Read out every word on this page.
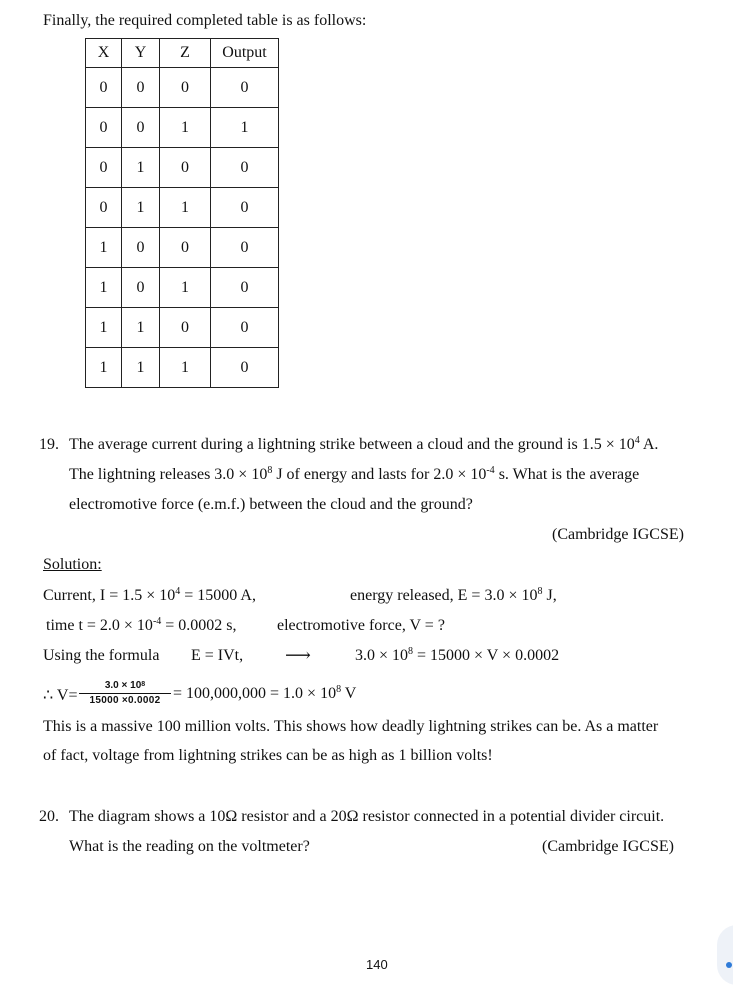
Finally, the required completed table is as follows:
X	Y	Z	Output
0	0	0	0
0	0	1	1
0	1	0	0
0	1	1	0
1	0	0	0
1	0	1	0
1	1	0	0
1	1	1	0
19. The average current during a lightning strike between a cloud and the ground is $1.5 \times 10^4$ A.
The lightning releases $3.0 \times 10^8$ J of energy and lasts for $2.0 \times 10^{-4}$ s. What is the average
electromotive force (e.m.f.) between the cloud and the ground?
(Cambridge IGCSE)
Solution:
Current, $I = 1.5 \times 10^4 = 15000$ A,	energy released, $E = 3.0 \times 10^8$ J,
time $t = 2.0 \times 10^{-4} = 0.0002$ s,	electromotive force, V = ?
Using the formula E = IVt, ⟶	$3.0 \times 10^8 = 15000 \times V \times 0.0002$
∴ V=
$3.0 \times 10^8$
$15000 \times 0.0002 = 100,000,000 = 1.0 \times 10^8$ V
This is a massive 100 million volts. This shows how deadly lightning strikes can be. As a matter
of fact, voltage from lightning strikes can be as high as 1 billion volts!
20. The diagram shows a 10Ω resistor and a 20Ω resistor connected in a potential divider circuit.
What is the reading on the voltmeter?	(Cambridge IGCSE)
140
